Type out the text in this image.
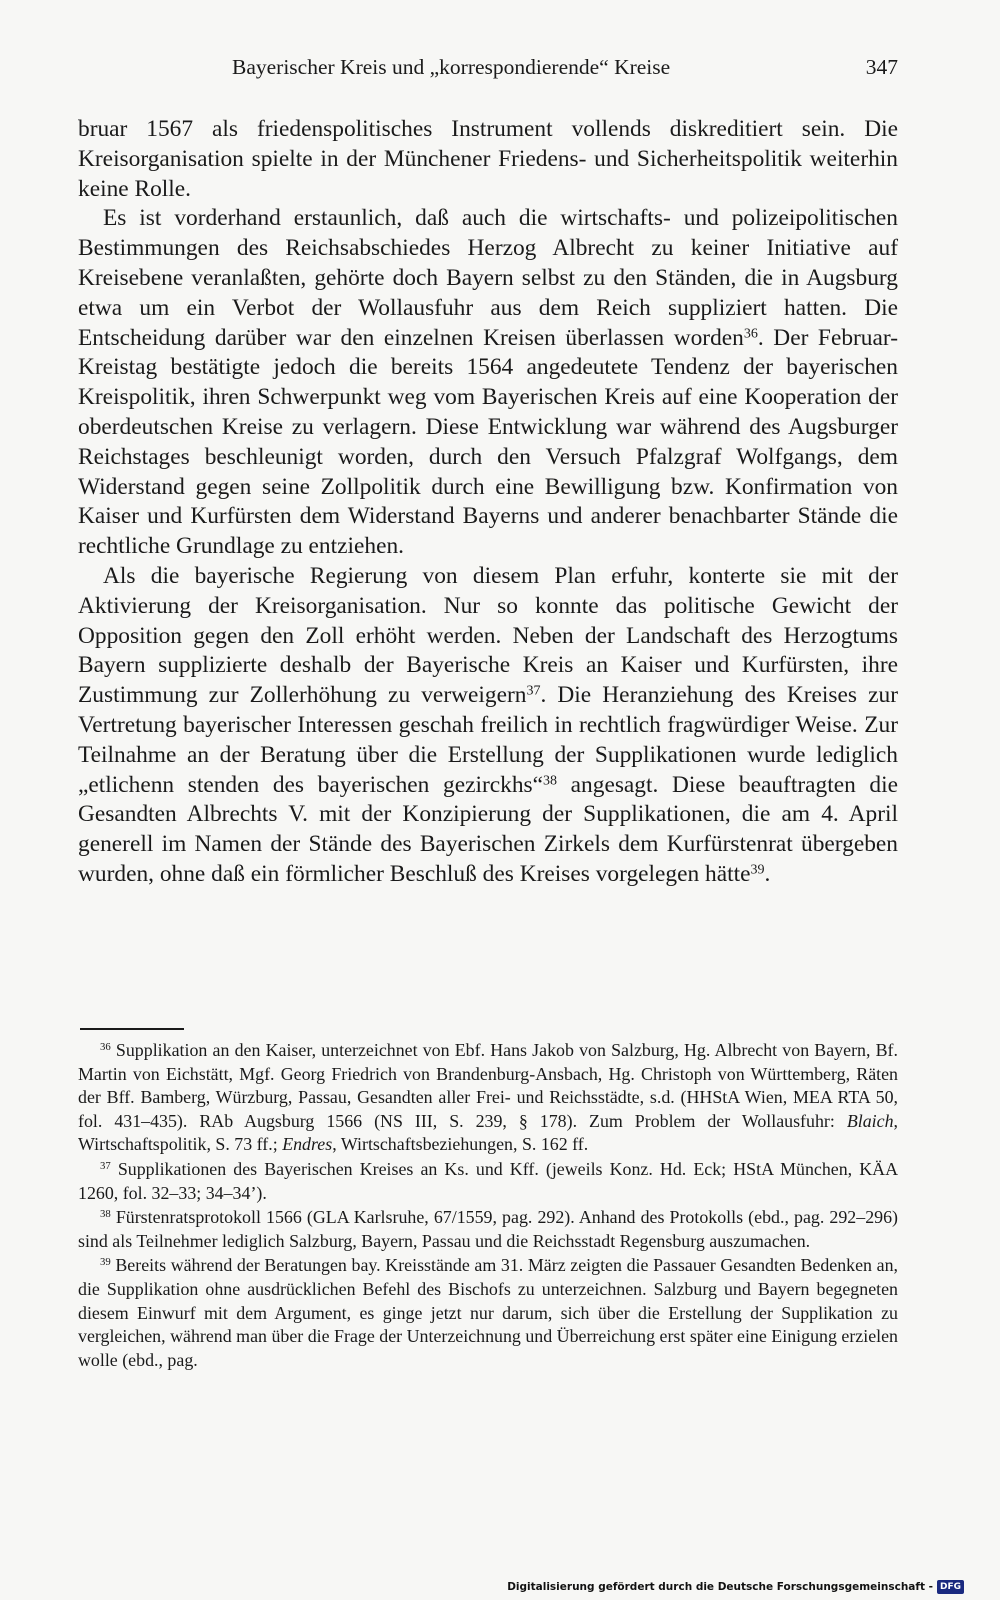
Bayerischer Kreis und „korrespondierende“ Kreise	347

bruar 1567 als friedenspolitisches Instrument vollends diskreditiert sein. Die Kreisorganisation spielte in der Münchener Friedens- und Sicherheitspolitik weiterhin keine Rolle.

Es ist vorderhand erstaunlich, daß auch die wirtschafts- und polizeipolitischen Bestimmungen des Reichsabschiedes Herzog Albrecht zu keiner Initiative auf Kreisebene veranlaßten, gehörte doch Bayern selbst zu den Ständen, die in Augsburg etwa um ein Verbot der Wollausfuhr aus dem Reich suppliziert hatten. Die Entscheidung darüber war den einzelnen Kreisen überlassen worden$^{36}$. Der Februar-Kreistag bestätigte jedoch die bereits 1564 angedeutete Tendenz der bayerischen Kreispolitik, ihren Schwerpunkt weg vom Bayerischen Kreis auf eine Kooperation der oberdeutschen Kreise zu verlagern. Diese Entwicklung war während des Augsburger Reichstages beschleunigt worden, durch den Versuch Pfalzgraf Wolfgangs, dem Widerstand gegen seine Zollpolitik durch eine Bewilligung bzw. Konfirmation von Kaiser und Kurfürsten dem Widerstand Bayerns und anderer benachbarter Stände die rechtliche Grundlage zu entziehen.

Als die bayerische Regierung von diesem Plan erfuhr, konterte sie mit der Aktivierung der Kreisorganisation. Nur so konnte das politische Gewicht der Opposition gegen den Zoll erhöht werden. Neben der Landschaft des Herzogtums Bayern supplizierte deshalb der Bayerische Kreis an Kaiser und Kurfürsten, ihre Zustimmung zur Zollerhöhung zu verweigern$^{37}$. Die Heranziehung des Kreises zur Vertretung bayerischer Interessen geschah freilich in rechtlich fragwürdiger Weise. Zur Teilnahme an der Beratung über die Erstellung der Supplikationen wurde lediglich „etlichenn stenden des bayerischen gezirckhs“$^{38}$ angesagt. Diese beauftragten die Gesandten Albrechts V. mit der Konzipierung der Supplikationen, die am 4. April generell im Namen der Stände des Bayerischen Zirkels dem Kurfürstenrat übergeben wurden, ohne daß ein förmlicher Beschluß des Kreises vorgelegen hätte$^{39}$.

$^{36}$ Supplikation an den Kaiser, unterzeichnet von Ebf. Hans Jakob von Salzburg, Hg. Albrecht von Bayern, Bf. Martin von Eichstätt, Mgf. Georg Friedrich von Brandenburg-Ansbach, Hg. Christoph von Württemberg, Räten der Bff. Bamberg, Würzburg, Passau, Gesandten aller Frei- und Reichsstädte, s.d. (HHStA Wien, MEA RTA 50, fol. 431–435). RAb Augsburg 1566 (NS III, S. 239, § 178). Zum Problem der Wollausfuhr: Blaich, Wirtschaftspolitik, S. 73 ff.; Endres, Wirtschaftsbeziehungen, S. 162 ff.

$^{37}$ Supplikationen des Bayerischen Kreises an Ks. und Kff. (jeweils Konz. Hd. Eck; HStA München, KÄA 1260, fol. 32–33; 34–34’).

$^{38}$ Fürstenratsprotokoll 1566 (GLA Karlsruhe, 67/1559, pag. 292). Anhand des Protokolls (ebd., pag. 292–296) sind als Teilnehmer lediglich Salzburg, Bayern, Passau und die Reichsstadt Regensburg auszumachen.

$^{39}$ Bereits während der Beratungen bay. Kreisstände am 31. März zeigten die Passauer Gesandten Bedenken an, die Supplikation ohne ausdrücklichen Befehl des Bischofs zu unterzeichnen. Salzburg und Bayern begegneten diesem Einwurf mit dem Argument, es ginge jetzt nur darum, sich über die Erstellung der Supplikation zu vergleichen, während man über die Frage der Unterzeichnung und Überreichung erst später eine Einigung erzielen wolle (ebd., pag.

Digitalisierung gefördert durch die Deutsche Forschungsgemeinschaft - DFG
